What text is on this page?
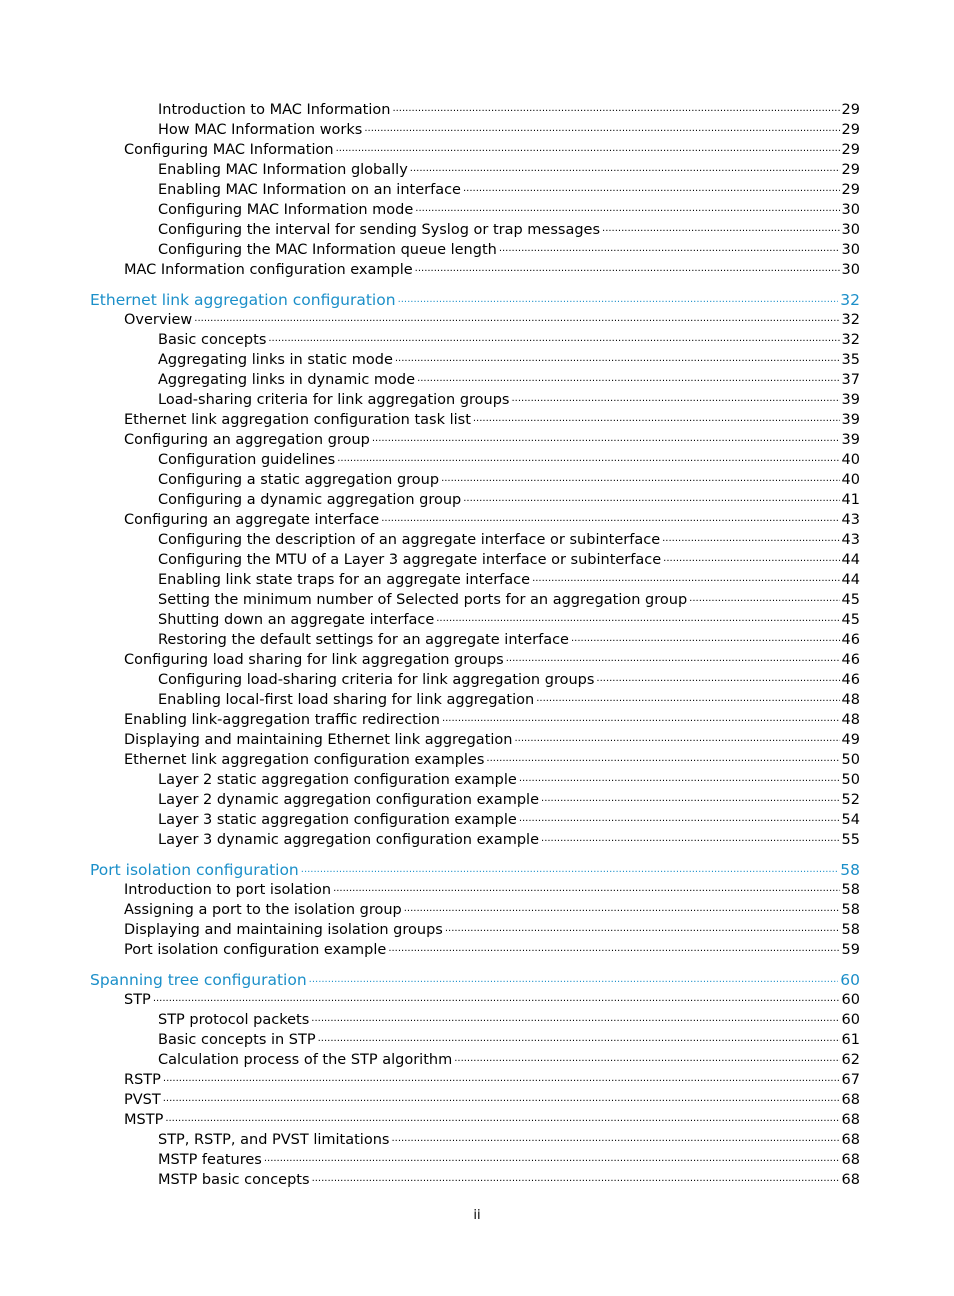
Introduction to MAC Information ·····	29
How MAC Information works ·····	29
Configuring MAC Information ·····	29
Enabling MAC Information globally ·····	29
Enabling MAC Information on an interface ·····	29
Configuring MAC Information mode ·····	30
Configuring the interval for sending Syslog or trap messages ·····	30
Configuring the MAC Information queue length ·····	30
MAC Information configuration example ·····	30
Ethernet link aggregation configuration ·····	32
Overview ·····	32
Basic concepts ·····	32
Aggregating links in static mode ·····	35
Aggregating links in dynamic mode ·····	37
Load-sharing criteria for link aggregation groups ·····	39
Ethernet link aggregation configuration task list ·····	39
Configuring an aggregation group ·····	39
Configuration guidelines ·····	40
Configuring a static aggregation group ·····	40
Configuring a dynamic aggregation group ·····	41
Configuring an aggregate interface ·····	43
Configuring the description of an aggregate interface or subinterface ·····	43
Configuring the MTU of a Layer 3 aggregate interface or subinterface ·····	44
Enabling link state traps for an aggregate interface ·····	44
Setting the minimum number of Selected ports for an aggregation group ·····	45
Shutting down an aggregate interface ·····	45
Restoring the default settings for an aggregate interface ·····	46
Configuring load sharing for link aggregation groups ·····	46
Configuring load-sharing criteria for link aggregation groups ·····	46
Enabling local-first load sharing for link aggregation ·····	48
Enabling link-aggregation traffic redirection ·····	48
Displaying and maintaining Ethernet link aggregation ·····	49
Ethernet link aggregation configuration examples ·····	50
Layer 2 static aggregation configuration example ·····	50
Layer 2 dynamic aggregation configuration example ·····	52
Layer 3 static aggregation configuration example ·····	54
Layer 3 dynamic aggregation configuration example ·····	55
Port isolation configuration ·····	58
Introduction to port isolation ·····	58
Assigning a port to the isolation group ·····	58
Displaying and maintaining isolation groups ·····	58
Port isolation configuration example ·····	59
Spanning tree configuration ·····	60
STP ·····	60
STP protocol packets ·····	60
Basic concepts in STP ·····	61
Calculation process of the STP algorithm ·····	62
RSTP ·····	67
PVST ·····	68
MSTP ·····	68
STP, RSTP, and PVST limitations ·····	68
MSTP features ·····	68
MSTP basic concepts ·····	68
ii
